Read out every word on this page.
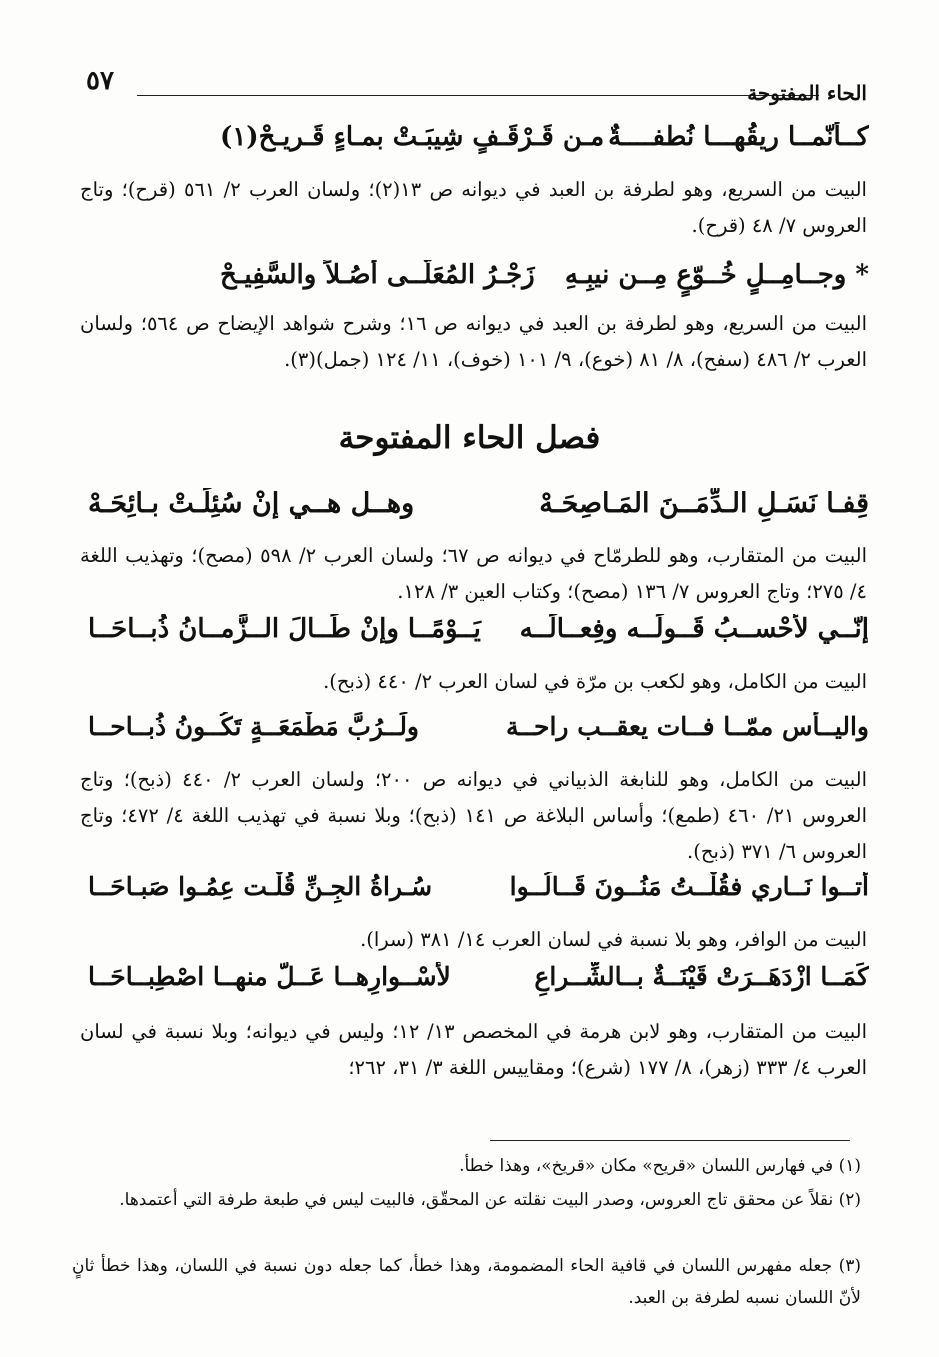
٥٧	الحاء المفتوحة
كــأنّمــا ريقُهـــا نُطفــــةٌ
مـن قَـرْقَـفٍ شِيبَـتْ بمـاءٍ قَـريـحْ(١)
البيت من السريع، وهو لطرفة بن العبد في ديوانه ص ١٣(٢)؛ ولسان العرب ٢/ ٥٦١ (قرح)؛ وتاج العروس ٧/ ٤٨ (قرح).
* وجــامِــلٍ خُــوّعٍ مِــن نيبِـهِ
زَجْـرُ المُعَلّــى أُصُـلاً والسَّفِيـحْ
البيت من السريع، وهو لطرفة بن العبد في ديوانه ص ١٦؛ وشرح شواهد الإيضاح ص ٥٦٤؛ ولسان العرب ٢/ ٤٨٦ (سفح)، ٨/ ٨١ (خوع)، ٩/ ١٠١ (خوف)، ١١/ ١٢٤ (جمل)(٣).
فصل الحاء المفتوحة
قِفـا نَسَـلِ الـدِّمَــنَ المَـاصِحَـهْ
وهــل هــي إنْ سُئِلَـتْ بـائِحَـهْ
البيت من المتقارب، وهو للطرمّاح في ديوانه ص ٦٧؛ ولسان العرب ٢/ ٥٩٨ (مصح)؛ وتهذيب اللغة ٤/ ٢٧٥؛ وتاج العروس ٧/ ١٣٦ (مصح)؛ وكتاب العين ٣/ ١٢٨.
إنّــي لأحْســبُ قَــولَــه وفِعــالَــه
يَــوْمًــا وإنْ طَــالَ الــزَّمــانُ ذُبــاحَــا
البيت من الكامل، وهو لكعب بن مرّة في لسان العرب ٢/ ٤٤٠ (ذبح).
واليــأس ممّــا فــات يعقــب راحــة
ولَــرُبَّ مَطْمَعَــةٍ تَكُــونُ ذُبــاحــا
البيت من الكامل، وهو للنابغة الذبياني في ديوانه ص ٢٠٠؛ ولسان العرب ٢/ ٤٤٠ (ذبح)؛ وتاج العروس ٢١/ ٤٦٠ (طمع)؛ وأساس البلاغة ص ١٤١ (ذبح)؛ وبلا نسبة في تهذيب اللغة ٤/ ٤٧٢؛ وتاج العروس ٦/ ٣٧١ (ذبح).
أتــوا نَــاري فقُلْــتُ مَنُــونَ قَــالُــوا
سُـراةُ الجِـنِّ قُلْـت عِمُـوا صَبـاحَــا
البيت من الوافر، وهو بلا نسبة في لسان العرب ١٤/ ٣٨١ (سرا).
كَمَــا ازْدَهَــرَتْ قَيْنَــةٌ بــالشِّــراعِ
لأُسْــوارِهــا عَــلَّ منهــا اصْطِبــاحَــا
البيت من المتقارب، وهو لابن هرمة في المخصص ١٣/ ١٢؛ وليس في ديوانه؛ وبلا نسبة في لسان العرب ٤/ ٣٣٣ (زهر)، ٨/ ١٧٧ (شرع)؛ ومقاييس اللغة ٣/ ٣١، ٢٦٢؛
(١) في فهارس اللسان «قريح» مكان «قريخ»، وهذا خطأ.
(٢) نقلاً عن محقق تاج العروس، وصدر البيت نقلته عن المحقّق، فالبيت ليس في طبعة طرفة التي أعتمدها.
(٣) جعله مفهرس اللسان في قافية الحاء المضمومة، وهذا خطأ، كما جعله دون نسبة في اللسان، وهذا خطأ ثانٍ لأنّ اللسان نسبه لطرفة بن العبد.
